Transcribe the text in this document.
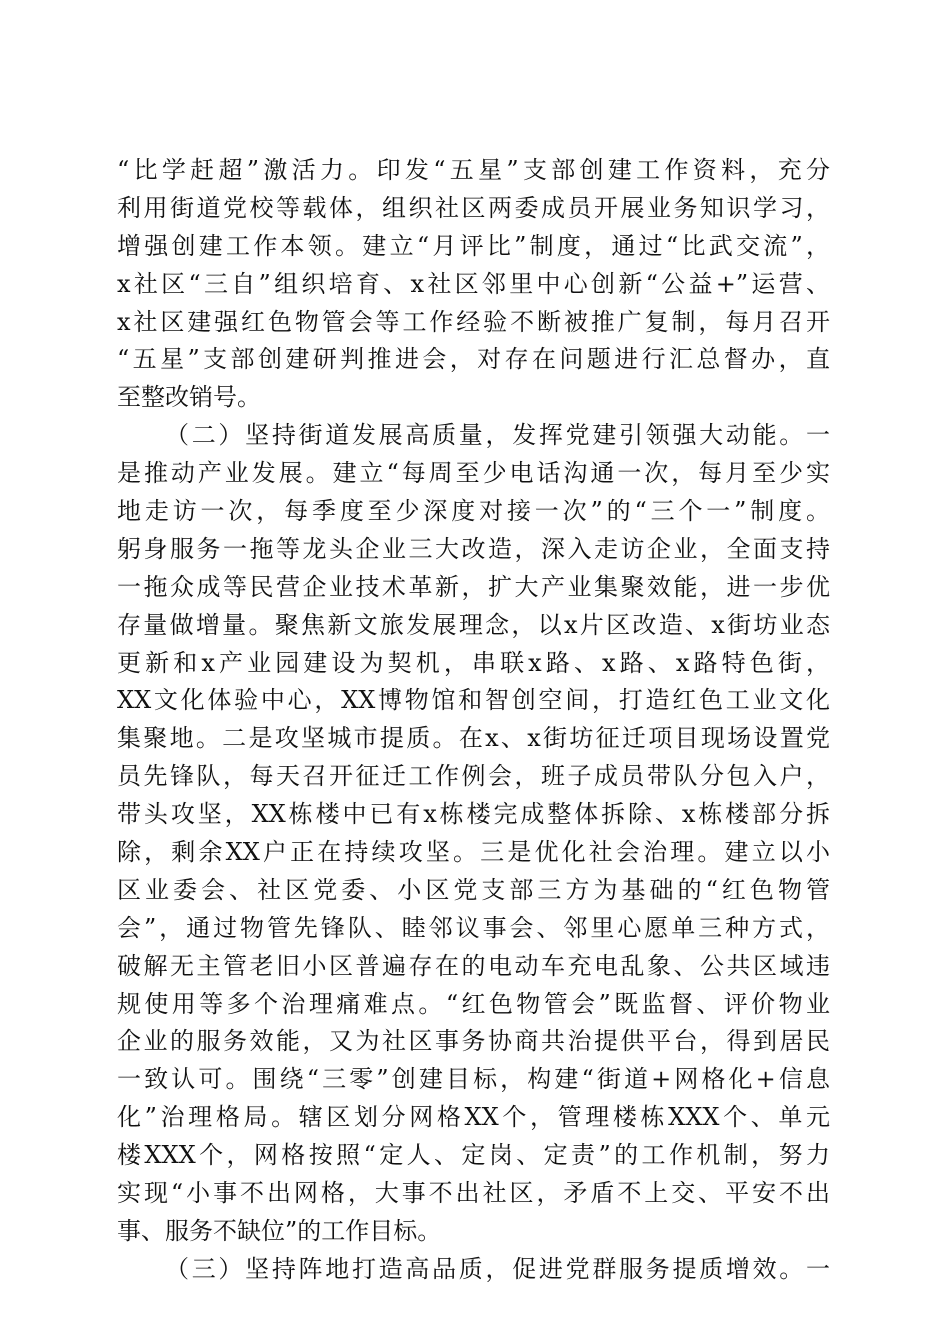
“比学赶超”激活力。印发“五星”支部创建工作资料，充分
利用街道党校等载体，组织社区两委成员开展业务知识学习，
增强创建工作本领。建立“月评比”制度，通过“比武交流”，
x社区“三自”组织培育、x社区邻里中心创新“公益+”运营、
x社区建强红色物管会等工作经验不断被推广复制，每月召开
“五星”支部创建研判推进会，对存在问题进行汇总督办，直
至整改销号。
（二）坚持街道发展高质量，发挥党建引领强大动能。一
是推动产业发展。建立“每周至少电话沟通一次，每月至少实
地走访一次，每季度至少深度对接一次”的“三个一”制度。
躬身服务一拖等龙头企业三大改造，深入走访企业，全面支持
一拖众成等民营企业技术革新，扩大产业集聚效能，进一步优
存量做增量。聚焦新文旅发展理念，以x片区改造、x街坊业态
更新和x产业园建设为契机，串联x路、x路、x路特色街，
XX文化体验中心，XX博物馆和智创空间，打造红色工业文化
集聚地。二是攻坚城市提质。在x、x街坊征迁项目现场设置党
员先锋队，每天召开征迁工作例会，班子成员带队分包入户，
带头攻坚，XX栋楼中已有x栋楼完成整体拆除、x栋楼部分拆
除，剩余XX户正在持续攻坚。三是优化社会治理。建立以小
区业委会、社区党委、小区党支部三方为基础的“红色物管
会”，通过物管先锋队、睦邻议事会、邻里心愿单三种方式，
破解无主管老旧小区普遍存在的电动车充电乱象、公共区域违
规使用等多个治理痛难点。“红色物管会”既监督、评价物业
企业的服务效能，又为社区事务协商共治提供平台，得到居民
一致认可。围绕“三零”创建目标，构建“街道+网格化+信息
化”治理格局。辖区划分网格XX个，管理楼栋XXX个、单元
楼XXX个，网格按照“定人、定岗、定责”的工作机制，努力
实现“小事不出网格，大事不出社区，矛盾不上交、平安不出
事、服务不缺位”的工作目标。
（三）坚持阵地打造高品质，促进党群服务提质增效。一
